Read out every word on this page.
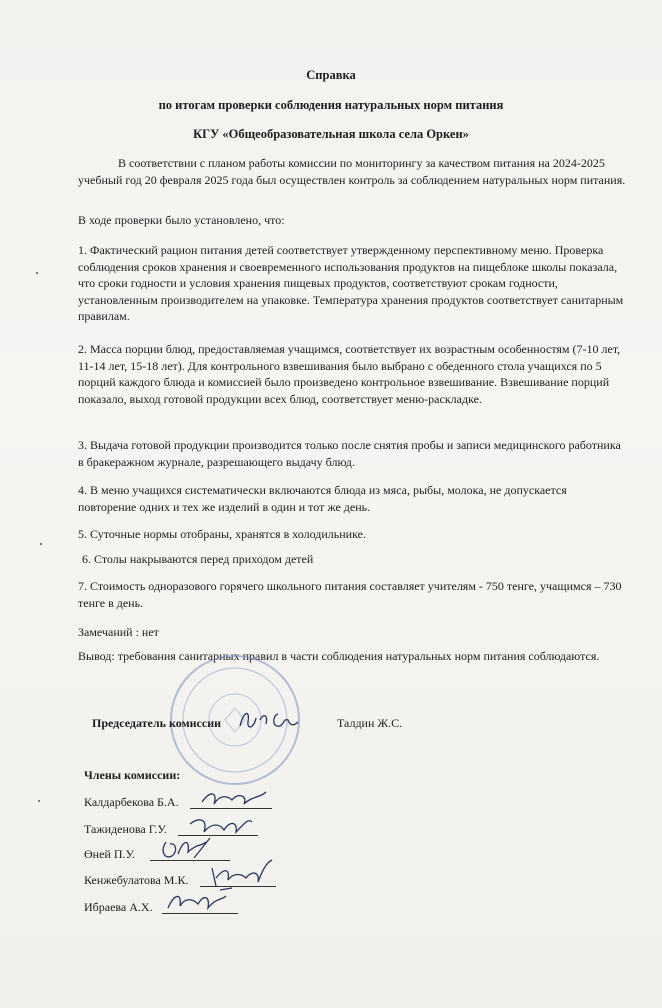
Справка
по итогам проверки соблюдения натуральных норм питания
КГУ «Общеобразовательная школа села Оркен»
В соответствии с планом работы комиссии по мониторингу за качеством питания на 2024-2025 учебный год 20 февраля 2025 года был осуществлен контроль за соблюдением натуральных норм питания.
В ходе проверки было установлено, что:
1. Фактический рацион питания детей соответствует утвержденному перспективному меню. Проверка соблюдения сроков хранения и своевременного использования продуктов на пищеблоке школы показала, что сроки годности и условия хранения пищевых продуктов, соответствуют срокам годности, установленным производителем на упаковке. Температура хранения продуктов соответствует санитарным правилам.
2. Масса порции блюд, предоставляемая учащимся, соответствует их возрастным особенностям (7-10 лет, 11-14 лет, 15-18 лет). Для контрольного взвешивания было выбрано с обеденного стола учащихся по 5 порций каждого блюда и комиссией было произведено контрольное взвешивание. Взвешивание порций показало, выход готовой продукции всех блюд, соответствует меню-раскладке.
3. Выдача готовой продукции производится только после снятия пробы и записи медицинского работника в бракеражном журнале, разрешающего выдачу блюд.
4. В меню учащихся систематически включаются блюда из мяса, рыбы, молока, не допускается повторение одних и тех же изделий в один и тот же день.
5. Суточные нормы отобраны, хранятся в холодильнике.
6. Столы накрываются перед приходом детей
7. Стоимость одноразового горячего школьного питания составляет учителям - 750 тенге, учащимся – 730 тенге в день.
Замечаний : нет
Вывод: требования санитарных правил в части соблюдения натуральных норм питания соблюдаются.
Председатель комиссии	Талдин Ж.С.
Члены комиссии:
Калдарбекова Б.А.
Тажиденова Г.У.
Өней П.У.
Кенжебулатова М.К.
Ибраева А.Х.
